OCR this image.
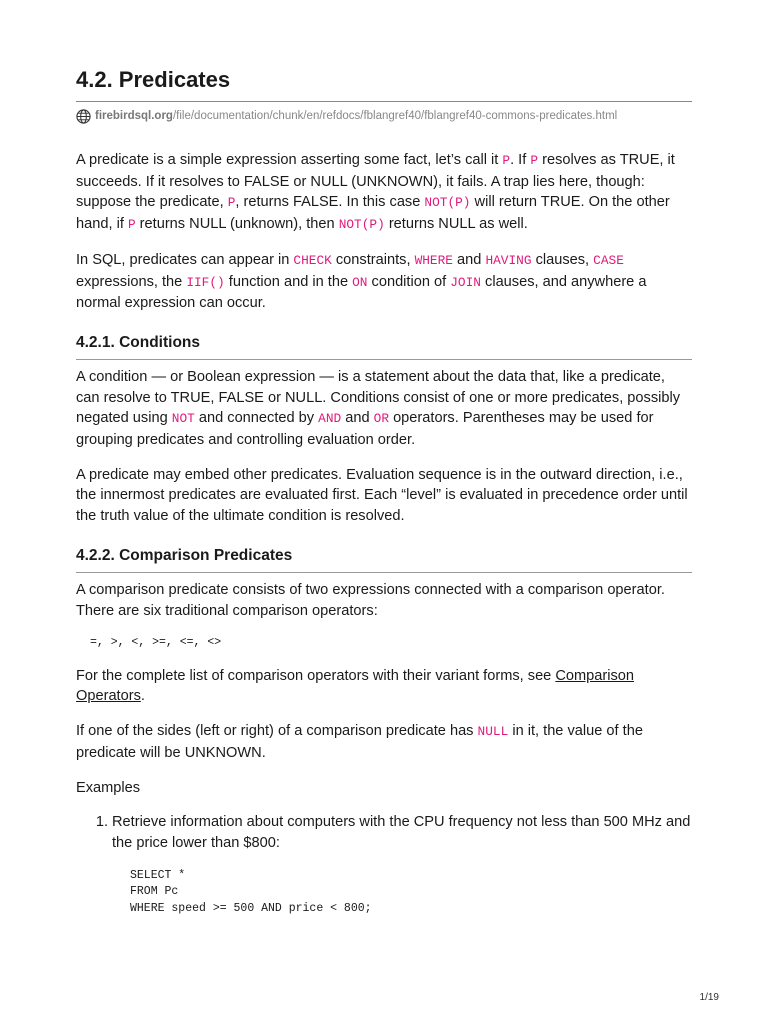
4.2. Predicates
firebirdsql.org /file/documentation/chunk/en/refdocs/fblangref40/fblangref40-commons-predicates.html

A predicate is a simple expression asserting some fact, let’s call it P. If P resolves as TRUE, it succeeds. If it resolves to FALSE or NULL (UNKNOWN), it fails. A trap lies here, though: suppose the predicate, P, returns FALSE. In this case NOT(P) will return TRUE. On the other hand, if P returns NULL (unknown), then NOT(P) returns NULL as well.

In SQL, predicates can appear in CHECK constraints, WHERE and HAVING clauses, CASE expressions, the IIF() function and in the ON condition of JOIN clauses, and anywhere a normal expression can occur.

4.2.1. Conditions

A condition — or Boolean expression — is a statement about the data that, like a predicate, can resolve to TRUE, FALSE or NULL. Conditions consist of one or more predicates, possibly negated using NOT and connected by AND and OR operators. Parentheses may be used for grouping predicates and controlling evaluation order.

A predicate may embed other predicates. Evaluation sequence is in the outward direction, i.e., the innermost predicates are evaluated first. Each “level” is evaluated in precedence order until the truth value of the ultimate condition is resolved.

4.2.2. Comparison Predicates

A comparison predicate consists of two expressions connected with a comparison operator. There are six traditional comparison operators:

=, >, <, >=, <=, <>

For the complete list of comparison operators with their variant forms, see Comparison Operators.

If one of the sides (left or right) of a comparison predicate has NULL in it, the value of the predicate will be UNKNOWN.

Examples

1. Retrieve information about computers with the CPU frequency not less than 500 MHz and the price lower than $800:
SELECT *
FROM Pc
WHERE speed >= 500 AND price < 800;
1/19
